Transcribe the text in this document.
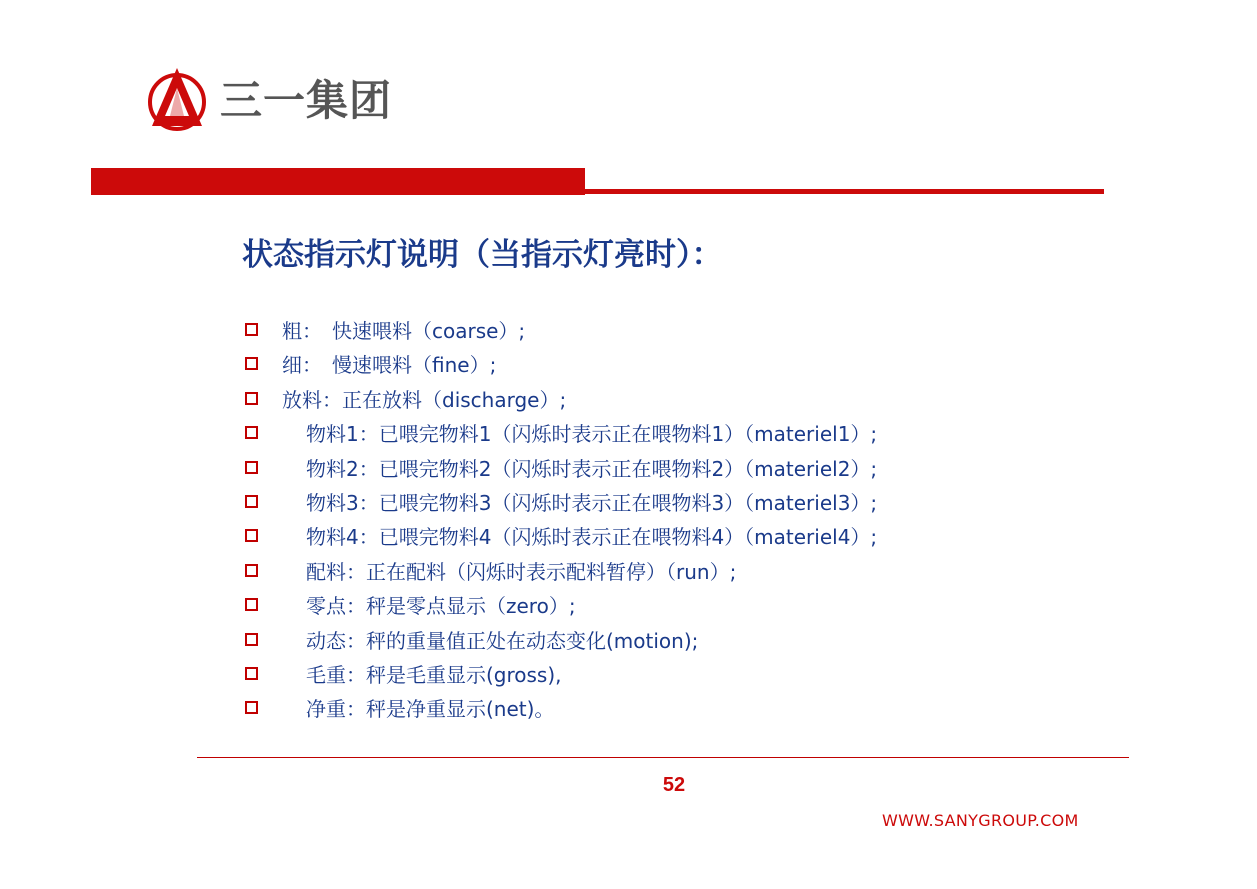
三一集团
状态指示灯说明（当指示灯亮时）：
粗：　快速喂料（coarse）;
细：　慢速喂料（fine）;
放料：正在放料（discharge）;
物料1：已喂完物料1（闪烁时表示正在喂物料1）（materiel1）;
物料2：已喂完物料2（闪烁时表示正在喂物料2）（materiel2）;
物料3：已喂完物料3（闪烁时表示正在喂物料3）（materiel3）;
物料4：已喂完物料4（闪烁时表示正在喂物料4）（materiel4）;
配料：正在配料（闪烁时表示配料暂停）（run）;
零点：秤是零点显示（zero）;
动态：秤的重量值正处在动态变化(motion);
毛重：秤是毛重显示(gross),
净重：秤是净重显示(net)。
52
WWW.SANYGROUP.COM
